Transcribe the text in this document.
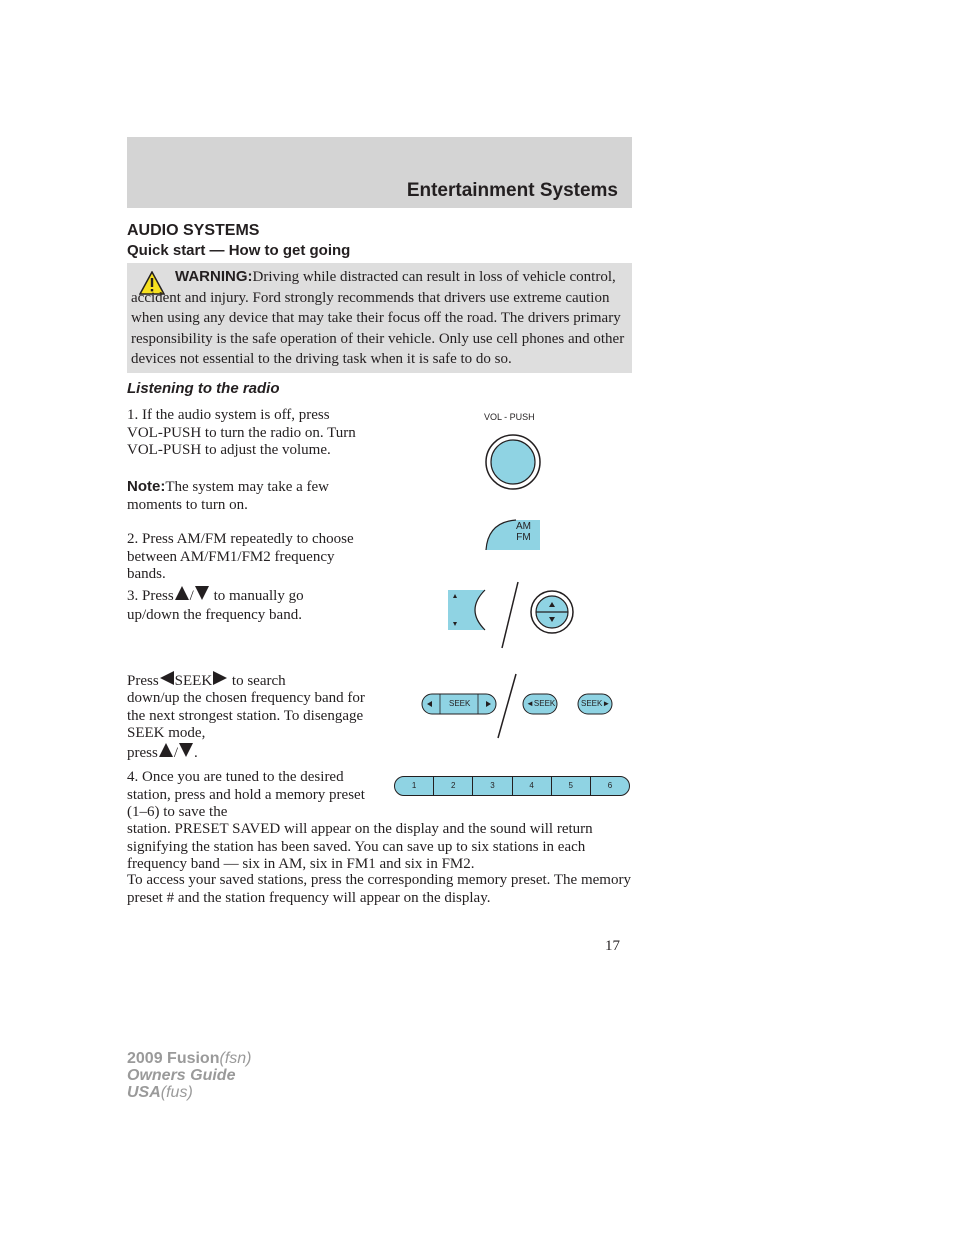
Entertainment Systems
AUDIO SYSTEMS
Quick start — How to get going

WARNING:Driving while distracted can result in loss of vehicle control, accident and injury. Ford strongly recommends that drivers use extreme caution when using any device that may take their focus off the road. The drivers primary responsibility is the safe operation of their vehicle. Only use cell phones and other devices not essential to the driving task when it is safe to do so.

Listening to the radio

1. If the audio system is off, press VOL-PUSH to turn the radio on. Turn VOL-PUSH to adjust the volume.

Note:The system may take a few moments to turn on.

2. Press AM/FM repeatedly to choose between AM/FM1/FM2 frequency bands.

3. Press / to manually go

up/down the frequency band.

Press SEEK to search

down/up the chosen frequency band for the next strongest station. To disengage SEEK mode,

press / .

4. Once you are tuned to the desired station, press and hold a memory preset (1–6) to save the

station. PRESET SAVED will appear on the display and the sound will return signifying the station has been saved. You can save up to six stations in each frequency band — six in AM, six in FM1 and six in FM2.

To access your saved stations, press the corresponding memory preset. The memory preset # and the station frequency will appear on the display.

VOL - PUSH
AM
FM
SEEK	◄SEEK	SEEK►
1	2	3	4	5	6
17
2009 Fusion(fsn)
Owners Guide
USA(fus)
